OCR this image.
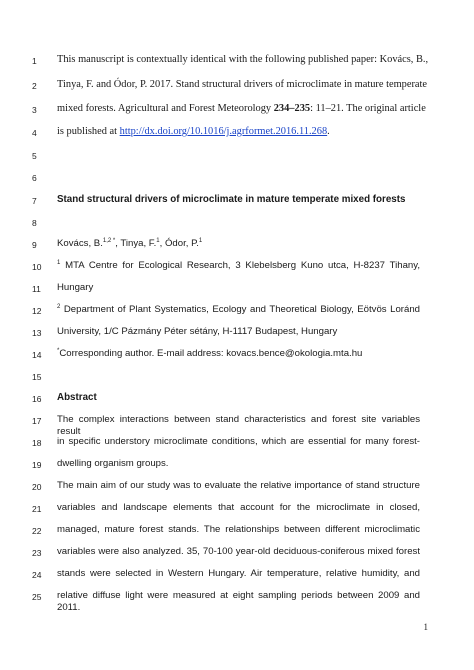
1
2
3
4
5
6
7
8
9
10
11
12
13
14
15
16
17
18
19
20
21
22
23
24
25
This manuscript is contextually identical with the following published paper: Kovács, B.,
Tinya, F. and Ódor, P. 2017. Stand structural drivers of microclimate in mature temperate
mixed forests. Agricultural and Forest Meteorology 234–235: 11–21. The original article
is published at http://dx.doi.org/10.1016/j.agrformet.2016.11.268.
Stand structural drivers of microclimate in mature temperate mixed forests
Kovács, B.$^{1,2 *}$, Tinya, F.$^1$, Ódor, P.$^1$
$^1$ MTA Centre for Ecological Research, 3 Klebelsberg Kuno utca, H-8237 Tihany,
Hungary
$^2$ Department of Plant Systematics, Ecology and Theoretical Biology, Eötvös Loránd
University, 1/C Pázmány Péter sétány, H-1117 Budapest, Hungary
*Corresponding author. E-mail address: kovacs.bence@okologia.mta.hu
Abstract
The complex interactions between stand characteristics and forest site variables result
in specific understory microclimate conditions, which are essential for many forest-
dwelling organism groups.
The main aim of our study was to evaluate the relative importance of stand structure
variables and landscape elements that account for the microclimate in closed,
managed, mature forest stands. The relationships between different microclimatic
variables were also analyzed. 35, 70-100 year-old deciduous-coniferous mixed forest
stands were selected in Western Hungary. Air temperature, relative humidity, and
relative diffuse light were measured at eight sampling periods between 2009 and 2011.
1
